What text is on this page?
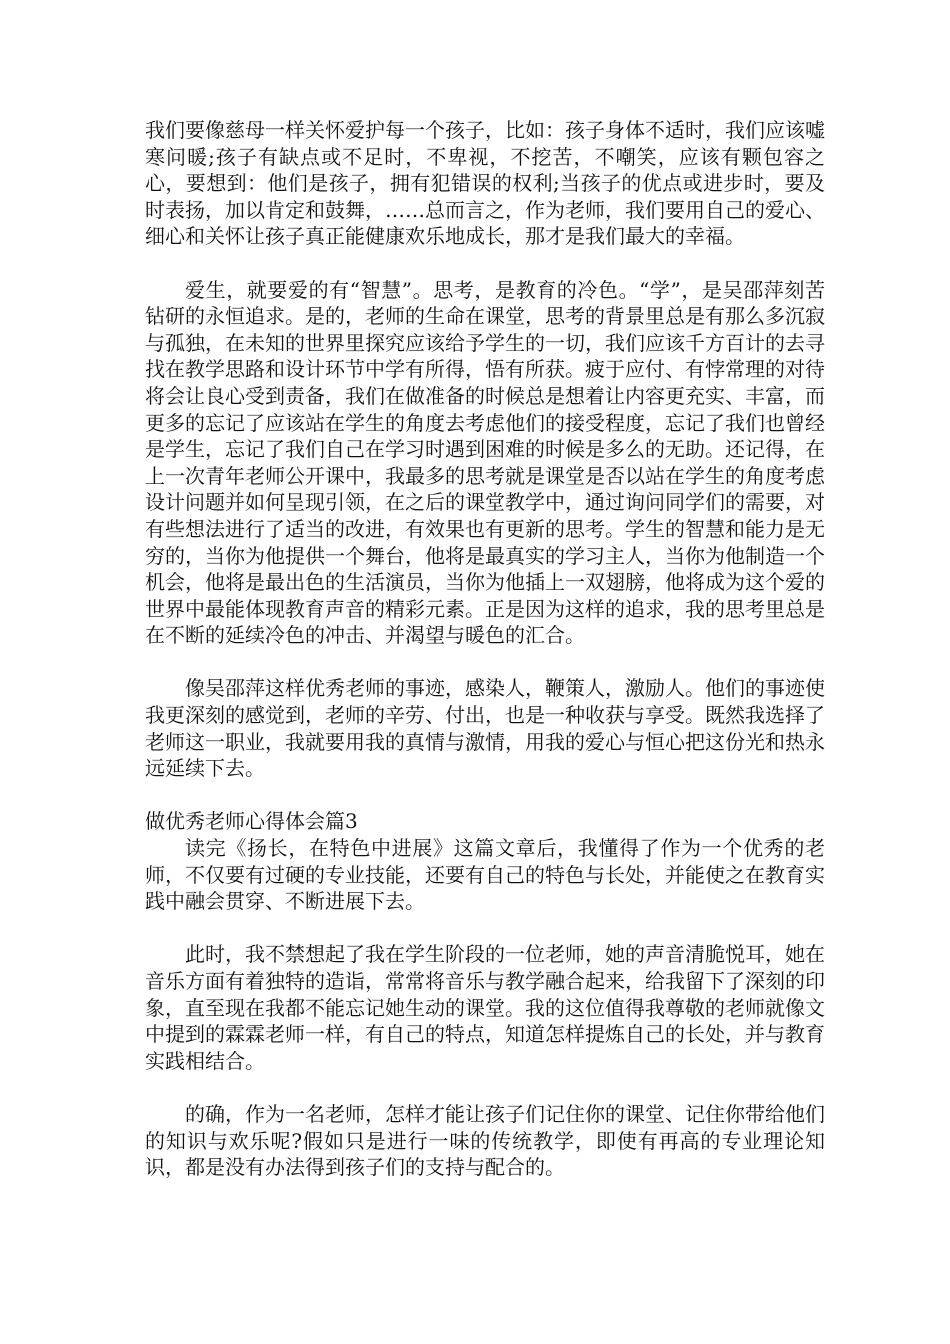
我们要像慈母一样关怀爱护每一个孩子，比如：孩子身体不适时，我们应该嘘寒问暖;孩子有缺点或不足时，不卑视，不挖苦，不嘲笑，应该有颗包容之心，要想到：他们是孩子，拥有犯错误的权利;当孩子的优点或进步时，要及时表扬，加以肯定和鼓舞，……总而言之，作为老师，我们要用自己的爱心、细心和关怀让孩子真正能健康欢乐地成长，那才是我们最大的幸福。

爱生，就要爱的有“智慧”。思考，是教育的冷色。“学”，是吴邵萍刻苦钻研的永恒追求。是的，老师的生命在课堂，思考的背景里总是有那么多沉寂与孤独，在未知的世界里探究应该给予学生的一切，我们应该千方百计的去寻找在教学思路和设计环节中学有所得，悟有所获。疲于应付、有悖常理的对待将会让良心受到责备，我们在做准备的时候总是想着让内容更充实、丰富，而更多的忘记了应该站在学生的角度去考虑他们的接受程度，忘记了我们也曾经是学生，忘记了我们自己在学习时遇到困难的时候是多么的无助。还记得，在上一次青年老师公开课中，我最多的思考就是课堂是否以站在学生的角度考虑设计问题并如何呈现引领，在之后的课堂教学中，通过询问同学们的需要，对有些想法进行了适当的改进，有效果也有更新的思考。学生的智慧和能力是无穷的，当你为他提供一个舞台，他将是最真实的学习主人，当你为他制造一个机会，他将是最出色的生活演员，当你为他插上一双翅膀，他将成为这个爱的世界中最能体现教育声音的精彩元素。正是因为这样的追求，我的思考里总是在不断的延续冷色的冲击、并渴望与暖色的汇合。

像吴邵萍这样优秀老师的事迹，感染人，鞭策人，激励人。他们的事迹使我更深刻的感觉到，老师的辛劳、付出，也是一种收获与享受。既然我选择了老师这一职业，我就要用我的真情与激情，用我的爱心与恒心把这份光和热永远延续下去。

做优秀老师心得体会篇3

读完《扬长，在特色中进展》这篇文章后，我懂得了作为一个优秀的老师，不仅要有过硬的专业技能，还要有自己的特色与长处，并能使之在教育实践中融会贯穿、不断进展下去。

此时，我不禁想起了我在学生阶段的一位老师，她的声音清脆悦耳，她在音乐方面有着独特的造诣，常常将音乐与教学融合起来，给我留下了深刻的印象，直至现在我都不能忘记她生动的课堂。我的这位值得我尊敬的老师就像文中提到的霖霖老师一样，有自己的特点，知道怎样提炼自己的长处，并与教育实践相结合。

的确，作为一名老师，怎样才能让孩子们记住你的课堂、记住你带给他们的知识与欢乐呢?假如只是进行一味的传统教学，即使有再高的专业理论知识，都是没有办法得到孩子们的支持与配合的。
